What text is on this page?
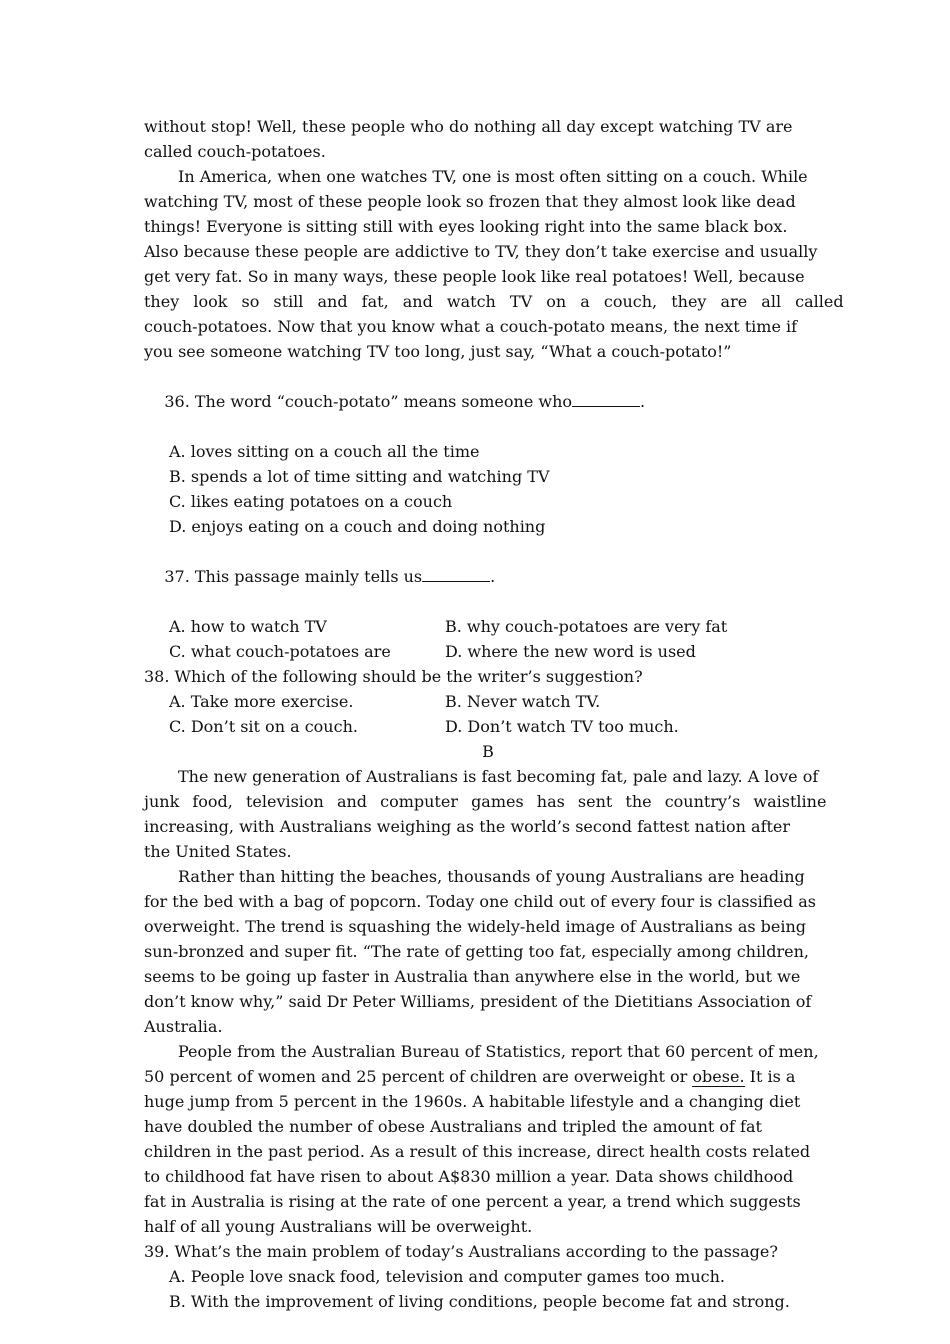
without stop! Well, these people who do nothing all day except watching TV are
called couch-potatoes.
In America, when one watches TV, one is most often sitting on a couch. While
watching TV, most of these people look so frozen that they almost look like dead
things! Everyone is sitting still with eyes looking right into the same black box.
Also because these people are addictive to TV, they don’t take exercise and usually
get very fat. So in many ways, these people look like real potatoes! Well, because
they look so still and fat, and watch TV on a couch, they are all called
couch-potatoes. Now that you know what a couch-potato means, the next time if
you see someone watching TV too long, just say, “What a couch-potato!”

36. The word “couch-potato” means someone who	.

A. loves sitting on a couch all the time
B. spends a lot of time sitting and watching TV
C. likes eating potatoes on a couch
D. enjoys eating on a couch and doing nothing

37. This passage mainly tells us	.

A. how to watch TV	B. why couch-potatoes are very fat
C. what couch-potatoes are	D. where the new word is used
38. Which of the following should be the writer’s suggestion?
A. Take more exercise.	B. Never watch TV.
C. Don’t sit on a couch.	D. Don’t watch TV too much.
B
The new generation of Australians is fast becoming fat, pale and lazy. A love of
junk food, television and computer games has sent the country’s waistline
increasing, with Australians weighing as the world’s second fattest nation after
the United States.
Rather than hitting the beaches, thousands of young Australians are heading
for the bed with a bag of popcorn. Today one child out of every four is classified as
overweight. The trend is squashing the widely-held image of Australians as being
sun-bronzed and super fit. “The rate of getting too fat, especially among children,
seems to be going up faster in Australia than anywhere else in the world, but we
don’t know why,” said Dr Peter Williams, president of the Dietitians Association of
Australia.
People from the Australian Bureau of Statistics, report that 60 percent of men,
50 percent of women and 25 percent of children are overweight or obese. It is a
huge jump from 5 percent in the 1960s. A habitable lifestyle and a changing diet
have doubled the number of obese Australians and tripled the amount of fat
children in the past period. As a result of this increase, direct health costs related
to childhood fat have risen to about A$830 million a year. Data shows childhood
fat in Australia is rising at the rate of one percent a year, a trend which suggests
half of all young Australians will be overweight.
39. What’s the main problem of today’s Australians according to the passage?
A. People love snack food, television and computer games too much.
B. With the improvement of living conditions, people become fat and strong.
